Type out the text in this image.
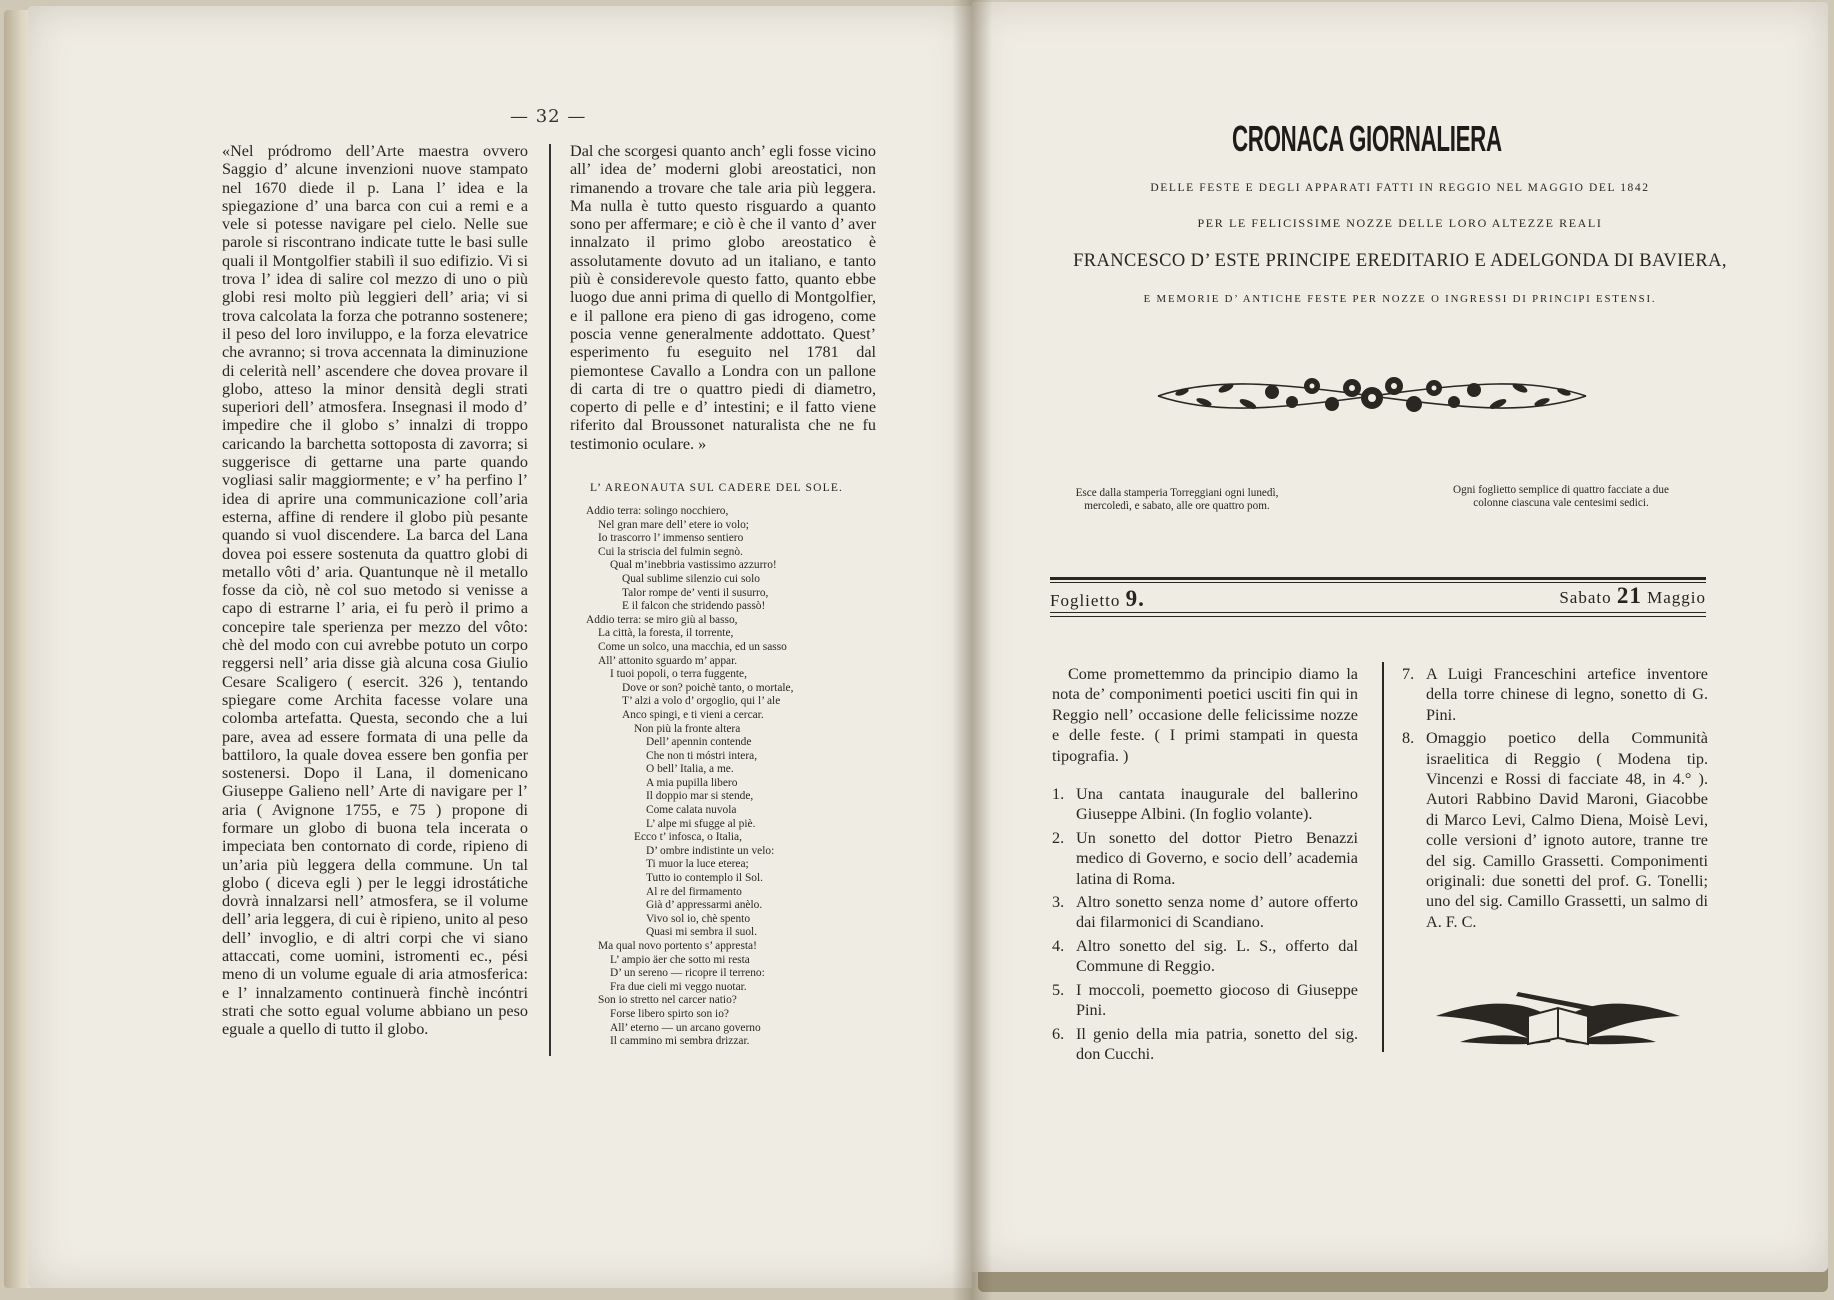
— 32 —

«Nel pródromo dell’Arte maestra ovvero Saggio d’ alcune invenzioni nuove stampato nel 1670 diede il p. Lana l’ idea e la spiegazione d’ una barca con cui a remi e a vele si potesse navigare pel cielo. Nelle sue parole si riscontrano indicate tutte le basi sulle quali il Montgolfier stabilì il suo edifizio. Vi si trova l’ idea di salire col mezzo di uno o più globi resi molto più leggieri dell’ aria; vi si trova calcolata la forza che potranno sostenere; il peso del loro inviluppo, e la forza elevatrice che avranno; si trova accennata la diminuzione di celerità nell’ ascendere che dovea provare il globo, atteso la minor densità degli strati superiori dell’ atmosfera. Insegnasi il modo d’ impedire che il globo s’ innalzi di troppo caricando la barchetta sottoposta di zavorra; si suggerisce di gettarne una parte quando vogliasi salir maggiormente; e v’ ha perfino l’ idea di aprire una communicazione coll’aria esterna, affine di rendere il globo più pesante quando si vuol discendere. La barca del Lana dovea poi essere sostenuta da quattro globi di metallo vôti d’ aria. Quantunque nè il metallo fosse da ciò, nè col suo metodo si venisse a capo di estrarne l’ aria, ei fu però il primo a concepire tale sperienza per mezzo del vôto: chè del modo con cui avrebbe potuto un corpo reggersi nell’ aria disse già alcuna cosa Giulio Cesare Scaligero ( esercit. 326 ), tentando spiegare come Archita facesse volare una colomba artefatta. Questa, secondo che a lui pare, avea ad essere formata di una pelle da battiloro, la quale dovea essere ben gonfia per sostenersi. Dopo il Lana, il domenicano Giuseppe Galieno nell’ Arte di navigare per l’ aria ( Avignone 1755, e 75 ) propone di formare un globo di buona tela incerata o impeciata ben contornato di corde, ripieno di un’aria più leggera della commune. Un tal globo ( diceva egli ) per le leggi idrostátiche dovrà innalzarsi nell’ atmosfera, se il volume dell’ aria leggera, di cui è ripieno, unito al peso dell’ invoglio, e di altri corpi che vi siano attaccati, come uomini, istromenti ec., pési meno di un volume eguale di aria atmosferica: e l’ innalzamento continuerà finchè incóntri strati che sotto egual volume abbiano un peso eguale a quello di tutto il globo.

Dal che scorgesi quanto anch’ egli fosse vicino all’ idea de’ moderni globi areostatici, non rimanendo a trovare che tale aria più leggera. Ma nulla è tutto questo risguardo a quanto sono per affermare; e ciò è che il vanto d’ aver innalzato il primo globo areostatico è assolutamente dovuto ad un italiano, e tanto più è considerevole questo fatto, quanto ebbe luogo due anni prima di quello di Montgolfier, e il pallone era pieno di gas idrogeno, come poscia venne generalmente addottato. Quest’ esperimento fu eseguito nel 1781 dal piemontese Cavallo a Londra con un pallone di carta di tre o quattro piedi di diametro, coperto di pelle e d’ intestini; e il fatto viene riferito dal Broussonet naturalista che ne fu testimonio oculare. »

L’ AREONAUTA SUL CADERE DEL SOLE.
Addio terra: solingo nocchiero,
Nel gran mare dell’ etere io volo;
Io trascorro l’ immenso sentiero
Cui la striscia del fulmin segnò.
Qual m’inebbria vastissimo azzurro!
Qual sublime silenzio cui solo
Talor rompe de’ venti il susurro,
E il falcon che stridendo passò!
Addio terra: se miro giù al basso,
La città, la foresta, il torrente,
Come un solco, una macchia, ed un sasso
All’ attonito sguardo m’ appar.
I tuoi popoli, o terra fuggente,
Dove or son? poichè tanto, o mortale,
T’ alzi a volo d’ orgoglio, qui l’ ale
Anco spingi, e ti vieni a cercar.
Non più la fronte altera
Dell’ apennin contende
Che non ti móstri intera,
O bell’ Italia, a me.
A mia pupilla libero
Il doppio mar si stende,
Come calata nuvola
L’ alpe mi sfugge al piè.
Ecco t’ infosca, o Italia,
D’ ombre indistinte un velo:
Ti muor la luce eterea;
Tutto io contemplo il Sol.
Al re del firmamento
Già d’ appressarmi anèlo.
Vivo sol io, chè spento
Quasi mi sembra il suol.
Ma qual novo portento s’ appresta!
L’ ampio äer che sotto mi resta
D’ un sereno — ricopre il terreno:
Fra due cieli mi veggo nuotar.
Son io stretto nel carcer natio?
Forse libero spirto son io?
All’ eterno — un arcano governo
Il cammino mi sembra drizzar.
CRONACA GIORNALIERA
DELLE FESTE E DEGLI APPARATI FATTI IN REGGIO NEL MAGGIO DEL 1842
PER LE FELICISSIME NOZZE DELLE LORO ALTEZZE REALI
FRANCESCO D’ ESTE PRINCIPE EREDITARIO E ADELGONDA DI BAVIERA,
E MEMORIE D’ ANTICHE FESTE PER NOZZE O INGRESSI DI PRINCIPI ESTENSI.
Esce dalla stamperia Torreggiani ogni lunedì, mercoledì, e sabato, alle ore quattro pom.
Ogni foglietto semplice di quattro facciate a due colonne ciascuna vale centesimi sedici.
Foglietto 9.	Sabato 21 Maggio

Come promettemmo da principio diamo la nota de’ componimenti poetici usciti fin qui in Reggio nell’ occasione delle felicissime nozze e delle feste. ( I primi stampati in questa tipografia. )

1. Una cantata inaugurale del ballerino Giuseppe Albini. (In foglio volante).
2. Un sonetto del dottor Pietro Benazzi medico di Governo, e socio dell’ academia latina di Roma.
3. Altro sonetto senza nome d’ autore offerto dai filarmonici di Scandiano.
4. Altro sonetto del sig. L. S., offerto dal Commune di Reggio.
5. I moccoli, poemetto giocoso di Giuseppe Pini.
6. Il genio della mia patria, sonetto del sig. don Cucchi.
7. A Luigi Franceschini artefice inventore della torre chinese di legno, sonetto di G. Pini.
8. Omaggio poetico della Communità israelitica di Reggio ( Modena tip. Vincenzi e Rossi di facciate 48, in 4.° ). Autori Rabbino David Maroni, Giacobbe di Marco Levi, Calmo Diena, Moisè Levi, colle versioni d’ ignoto autore, tranne tre del sig. Camillo Grassetti. Componimenti originali: due sonetti del prof. G. Tonelli; uno del sig. Camillo Grassetti, un salmo di A. F. C.
